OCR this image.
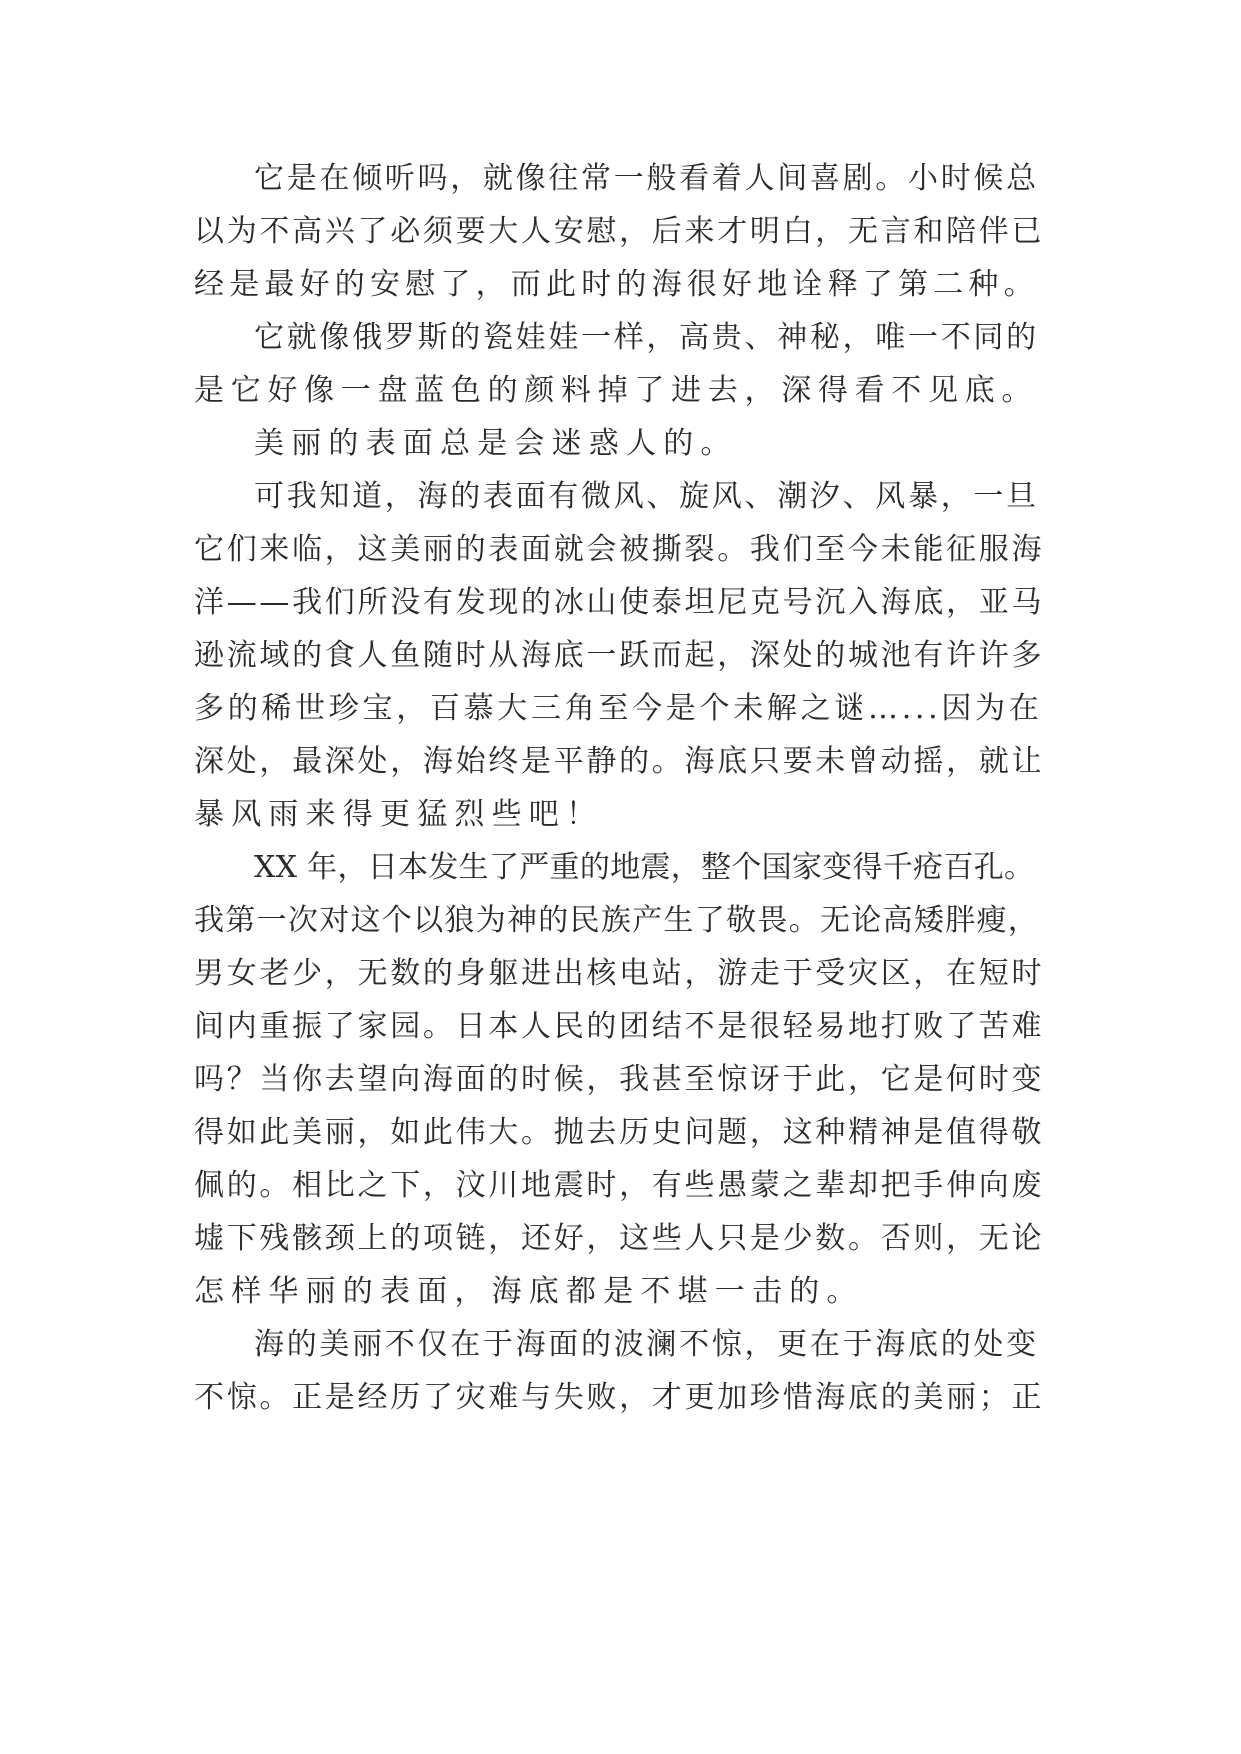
它是在倾听吗，就像往常一般看着人间喜剧。小时候总
以为不高兴了必须要大人安慰，后来才明白，无言和陪伴已
经是最好的安慰了，而此时的海很好地诠释了第二种。
它就像俄罗斯的瓷娃娃一样，高贵、神秘，唯一不同的
是它好像一盘蓝色的颜料掉了进去，深得看不见底。
美丽的表面总是会迷惑人的。
可我知道，海的表面有微风、旋风、潮汐、风暴，一旦
它们来临，这美丽的表面就会被撕裂。我们至今未能征服海
洋——我们所没有发现的冰山使泰坦尼克号沉入海底，亚马
逊流域的食人鱼随时从海底一跃而起，深处的城池有许许多
多的稀世珍宝，百慕大三角至今是个未解之谜…...因为在
深处，最深处，海始终是平静的。海底只要未曾动摇，就让
暴风雨来得更猛烈些吧！
XX 年，日本发生了严重的地震，整个国家变得千疮百孔。
我第一次对这个以狼为神的民族产生了敬畏。无论高矮胖瘦，
男女老少，无数的身躯进出核电站，游走于受灾区，在短时
间内重振了家园。日本人民的团结不是很轻易地打败了苦难
吗？当你去望向海面的时候，我甚至惊讶于此，它是何时变
得如此美丽，如此伟大。抛去历史问题，这种精神是值得敬
佩的。相比之下，汶川地震时，有些愚蒙之辈却把手伸向废
墟下残骸颈上的项链，还好，这些人只是少数。否则，无论
怎样华丽的表面，海底都是不堪一击的。
海的美丽不仅在于海面的波澜不惊，更在于海底的处变
不惊。正是经历了灾难与失败，才更加珍惜海底的美丽；正
